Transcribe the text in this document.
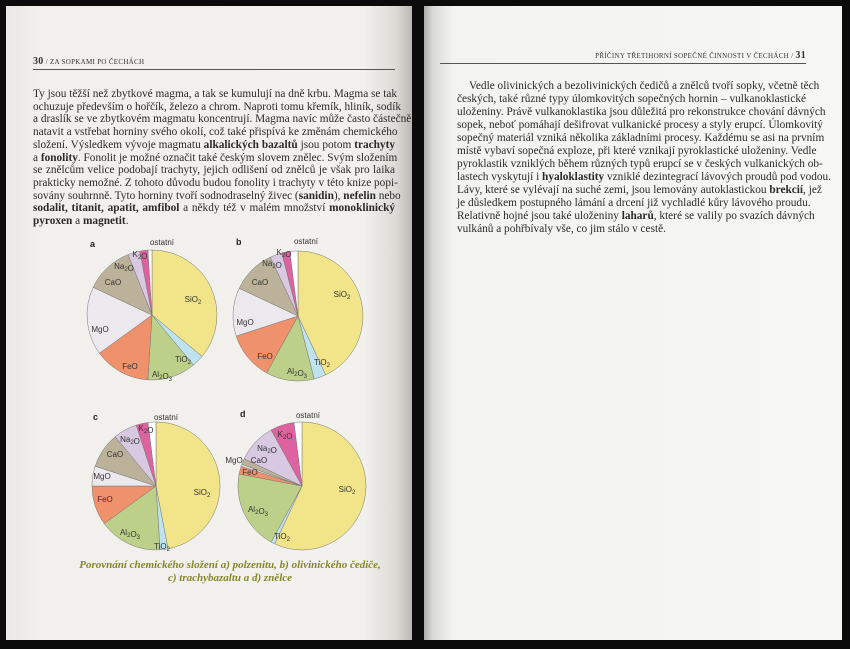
30 / ZA SOPKAMI PO ČECHÁCH
PŘÍČINY TŘETIHORNÍ SOPEČNÉ ČINNOSTI V ČECHÁCH / 31
Ty jsou těžší než zbytkové magma, a tak se kumulují na dně krbu. Magma se tak
ochuzuje především o hořčík, železo a chrom. Naproti tomu křemík, hliník, sodík
a draslík se ve zbytkovém magmatu koncentrují. Magma navíc může často částečně
natavit a vstřebat horniny svého okolí, což také přispívá ke změnám chemického
složení. Výsledkem vývoje magmatu alkalických bazaltů jsou potom trachyty
a fonolity. Fonolit je možné označit také českým slovem znělec. Svým složením
se znělcům velice podobají trachyty, jejich odlišení od znělců je však pro laika
prakticky nemožné. Z tohoto důvodu budou fonolity i trachyty v této knize popi-
sovány souhrnně. Tyto horniny tvoří sodnodraselný živec (sanidin), nefelin nebo
sodalit, titanit, apatit, amfibol a někdy též v malém množství monoklinický
pyroxen a magnetit.
Vedle olivinických a bezolivinických čedičů a znělců tvoří sopky, včetně těch
českých, také různé typy úlomkovitých sopečných hornin – vulkanoklastické
uloženiny. Právě vulkanoklastika jsou důležitá pro rekonstrukce chování dávných
sopek, neboť pomáhají dešifrovat vulkanické procesy a styly erupcí. Úlomkovitý
sopečný materiál vzniká několika základními procesy. Každému se asi na prvním
místě vybaví sopečná exploze, při které vznikají pyroklastické uloženiny. Vedle
pyroklastik vzniklých během různých typů erupcí se v českých vulkanických ob-
lastech vyskytují i hyaloklastity vzniklé dezintegrací lávových proudů pod vodou.
Lávy, které se vylévají na suché zemi, jsou lemovány autoklastickou brekcií, jež
je důsledkem postupného lámání a drcení již vychladlé kůry lávového proudu.
Relativně hojné jsou také uloženiny laharů, které se valily po svazích dávných
vulkánů a pohřbívaly vše, co jim stálo v cestě.
SiO$_2$
TiO$_2$
$Al_2O_3$
FeO
MgO
CaO
$Na_2O$
$K_2O$
ostatní
a
SiO$_2$
TiO$_2$
$Al_2O_3$
FeO
MgO
CaO
$Na_2O$
$K_2O$
ostatní
b
SiO$_2$
TiO$_2$
$Al_2O_3$
FeO
MgO
CaO
$Na_2O$
$K_2O$
ostatní
c
SiO$_2$
TiO$_2$
$Al_2O_3$
FeO
MgO CaO
$Na_2O$
$K_2O$
ostatní
d
Porovnání chemického složení a) polzenitu, b) olivinického čediče,
c) trachybazaltu a d) znělce
